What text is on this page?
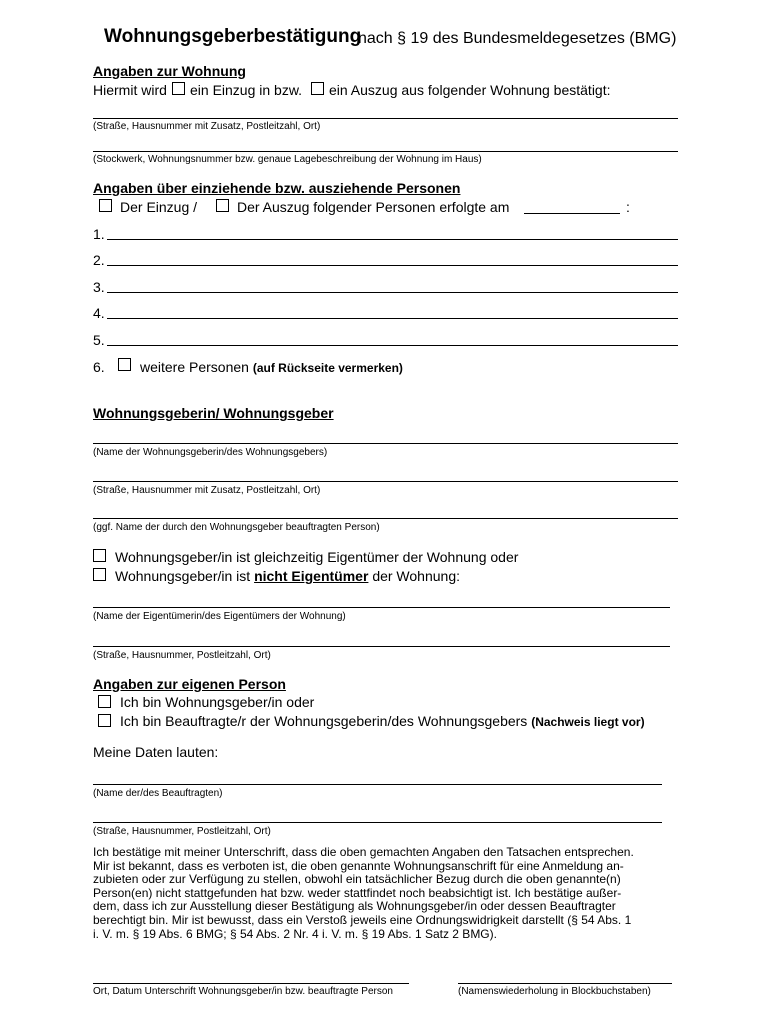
Wohnungsgeberbestätigung
nach § 19 des Bundesmeldegesetzes (BMG)
Angaben zur Wohnung
Hiermit wird ein Einzug in bzw. ein Auszug aus folgender Wohnung bestätigt:
(Straße, Hausnummer mit Zusatz, Postleitzahl, Ort)
(Stockwerk, Wohnungsnummer bzw. genaue Lagebeschreibung der Wohnung im Haus)
Angaben über einziehende bzw. ausziehende Personen
Der Einzug /	Der Auszug folgender Personen erfolgte am	:
1.
2.
3.
4.
5.
6.	weitere Personen (auf Rückseite vermerken)
Wohnungsgeberin/ Wohnungsgeber
(Name der Wohnungsgeberin/des Wohnungsgebers)
(Straße, Hausnummer mit Zusatz, Postleitzahl, Ort)
(ggf. Name der durch den Wohnungsgeber beauftragten Person)
Wohnungsgeber/in ist gleichzeitig Eigentümer der Wohnung oder
Wohnungsgeber/in ist nicht Eigentümer der Wohnung:
(Name der Eigentümerin/des Eigentümers der Wohnung)
(Straße, Hausnummer, Postleitzahl, Ort)
Angaben zur eigenen Person
Ich bin Wohnungsgeber/in oder
Ich bin Beauftragte/r der Wohnungsgeberin/des Wohnungsgebers (Nachweis liegt vor)
Meine Daten lauten:
(Name der/des Beauftragten)
(Straße, Hausnummer, Postleitzahl, Ort)
Ich bestätige mit meiner Unterschrift, dass die oben gemachten Angaben den Tatsachen entsprechen.
Mir ist bekannt, dass es verboten ist, die oben genannte Wohnungsanschrift für eine Anmeldung an-
zubieten oder zur Verfügung zu stellen, obwohl ein tatsächlicher Bezug durch die oben genannte(n)
Person(en) nicht stattgefunden hat bzw. weder stattfindet noch beabsichtigt ist. Ich bestätige außer-
dem, dass ich zur Ausstellung dieser Bestätigung als Wohnungsgeber/in oder dessen Beauftragter
berechtigt bin. Mir ist bewusst, dass ein Verstoß jeweils eine Ordnungswidrigkeit darstellt (§ 54 Abs. 1
i. V. m. § 19 Abs. 6 BMG; § 54 Abs. 2 Nr. 4 i. V. m. § 19 Abs. 1 Satz 2 BMG).
Ort, Datum Unterschrift Wohnungsgeber/in bzw. beauftragte Person	(Namenswiederholung in Blockbuchstaben)
